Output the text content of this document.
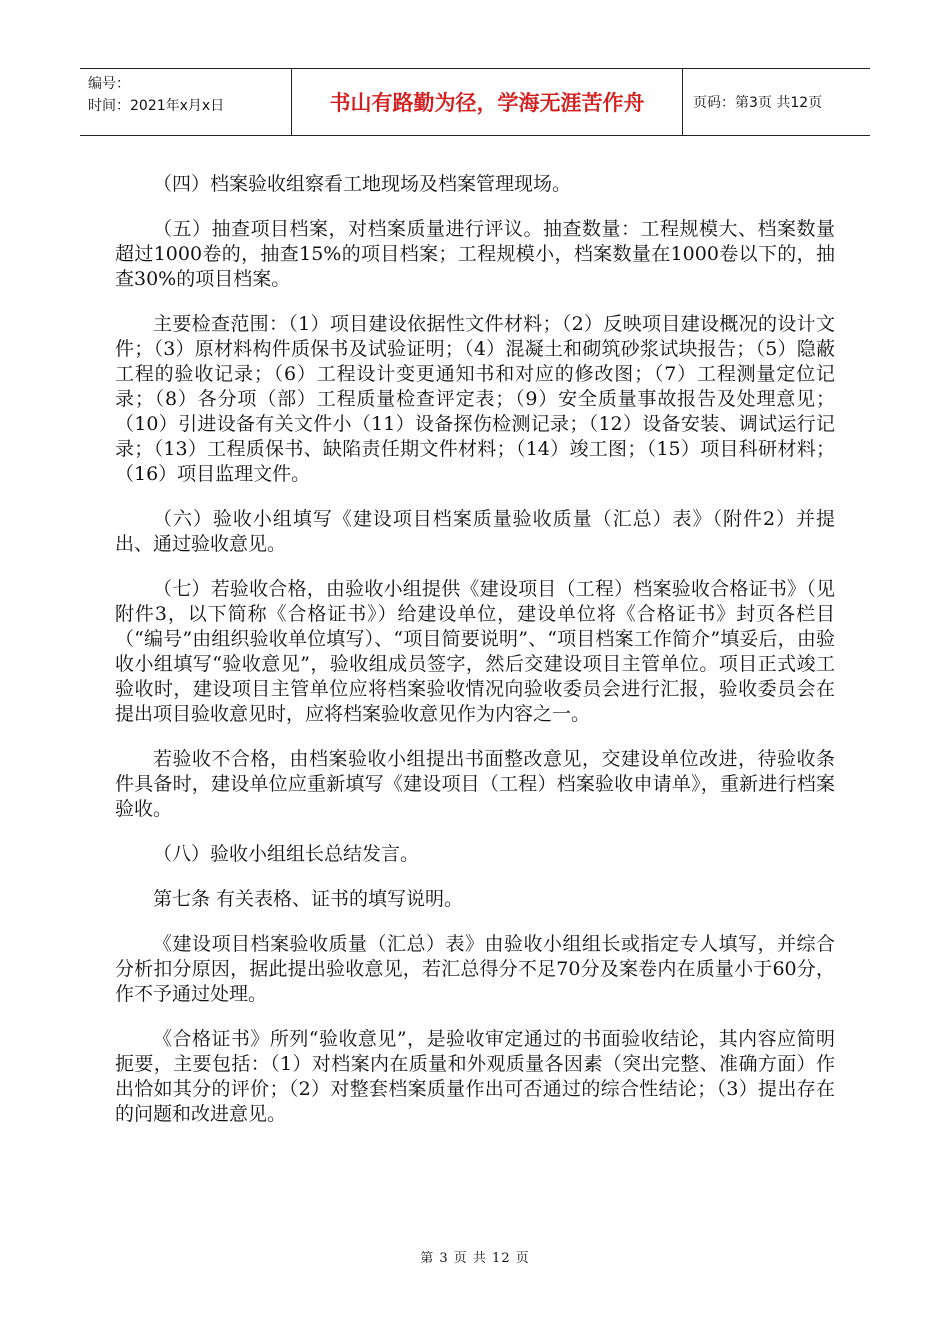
编号：
时间：2021年x月x日	书山有路勤为径，学海无涯苦作舟	页码：第3页 共12页

（四）档案验收组察看工地现场及档案管理现场。

（五）抽查项目档案，对档案质量进行评议。抽查数量：工程规模大、档案数量超过1000卷的，抽查15%的项目档案；工程规模小，档案数量在1000卷以下的，抽查30%的项目档案。

主要检查范围：（1）项目建设依据性文件材料；（2）反映项目建设概况的设计文件；（3）原材料构件质保书及试验证明；（4）混凝土和砌筑砂浆试块报告；（5）隐蔽工程的验收记录；（6）工程设计变更通知书和对应的修改图；（7）工程测量定位记录；（8）各分项（部）工程质量检查评定表；（9）安全质量事故报告及处理意见；（10）引进设备有关文件小（11）设备探伤检测记录；（12）设备安装、调试运行记录；（13）工程质保书、缺陷责任期文件材料；（14）竣工图；（15）项目科研材料；（16）项目监理文件。

（六）验收小组填写《建设项目档案质量验收质量（汇总）表》（附件2）并提出、通过验收意见。

（七）若验收合格，由验收小组提供《建设项目（工程）档案验收合格证书》（见附件3，以下简称《合格证书》）给建设单位，建设单位将《合格证书》封页各栏目（“编号”由组织验收单位填写）、“项目简要说明”、“项目档案工作简介”填妥后，由验收小组填写“验收意见”，验收组成员签字，然后交建设项目主管单位。项目正式竣工验收时，建设项目主管单位应将档案验收情况向验收委员会进行汇报，验收委员会在提出项目验收意见时，应将档案验收意见作为内容之一。

若验收不合格，由档案验收小组提出书面整改意见，交建设单位改进，待验收条件具备时，建设单位应重新填写《建设项目（工程）档案验收申请单》，重新进行档案验收。

（八）验收小组组长总结发言。

第七条 有关表格、证书的填写说明。

《建设项目档案验收质量（汇总）表》由验收小组组长或指定专人填写，并综合分析扣分原因，据此提出验收意见，若汇总得分不足70分及案卷内在质量小于60分，作不予通过处理。

《合格证书》所列“验收意见”，是验收审定通过的书面验收结论，其内容应简明扼要，主要包括：（1）对档案内在质量和外观质量各因素（突出完整、准确方面）作出恰如其分的评价；（2）对整套档案质量作出可否通过的综合性结论；（3）提出存在的问题和改进意见。

第 3 页 共 12 页
